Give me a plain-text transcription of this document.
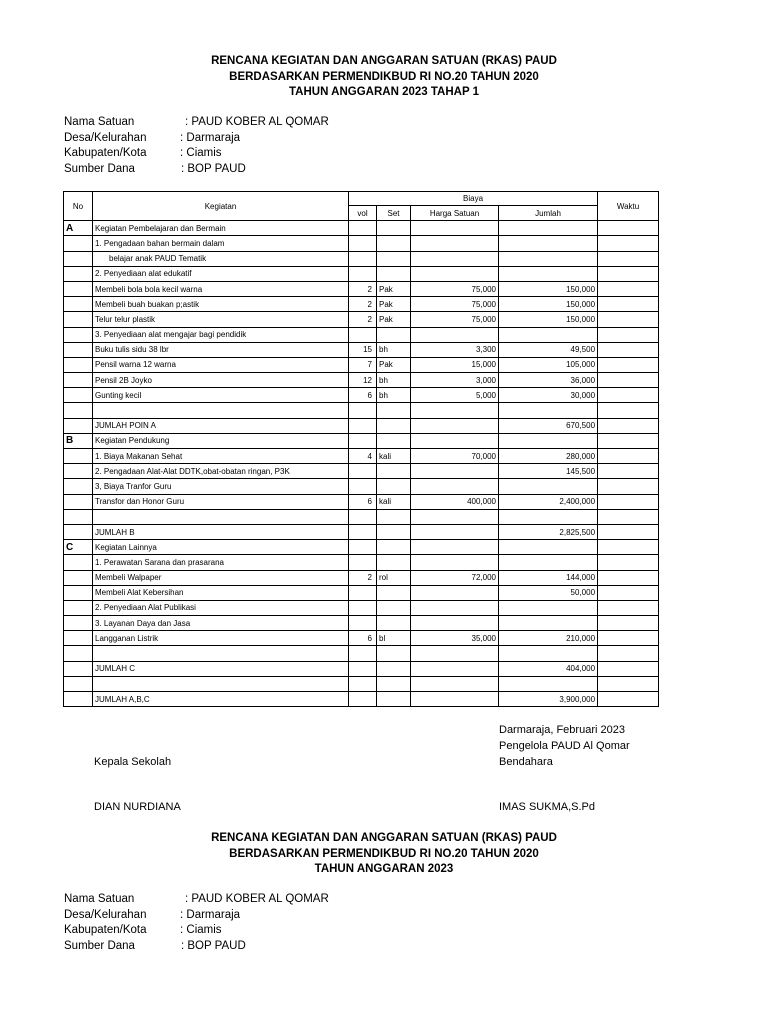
RENCANA KEGIATAN DAN ANGGARAN SATUAN (RKAS) PAUD
BERDASARKAN PERMENDIKBUD RI NO.20 TAHUN 2020
TAHUN ANGGARAN 2023 TAHAP 1
Nama Satuan	: PAUD KOBER AL QOMAR
Desa/Kelurahan	: Darmaraja
Kabupaten/Kota	: Ciamis
Sumber Dana	: BOP PAUD
No	Kegiatan	Biaya				Waktu
		vol	Set	Harga Satuan	Jumlah	
A	Kegiatan Pembelajaran dan Bermain					
	1. Pengadaan bahan bermain dalam					
	belajar anak PAUD Tematik					
	2. Penyediaan alat edukatif					
	Membeli bola bola kecil warna	2	Pak	75,000	150,000	
	Membeli buah buakan p;astik	2	Pak	75,000	150,000	
	Telur telur plastik	2	Pak	75,000	150,000	
	3. Penyediaan alat mengajar bagi pendidik					
	Buku tulis sidu 38 lbr	15	bh	3,300	49,500	
	Pensil warna 12 warna	7	Pak	15,000	105,000	
	Pensil 2B Joyko	12	bh	3,000	36,000	
	Gunting kecil	6	bh	5,000	30,000	

	JUMLAH POIN A				670,500	
B	Kegiatan Pendukung					
	1. Biaya Makanan Sehat	4	kali	70,000	280,000	
	2. Pengadaan Alat-Alat DDTK,obat-obatan ringan, P3K				145,500	
	3, Biaya Tranfor Guru					
	Transfor dan Honor Guru	6	kali	400,000	2,400,000	

	JUMLAH B				2,825,500	
C	Kegiatan Lainnya					
	1. Perawatan Sarana dan prasarana					
	Membeli Walpaper	2	rol	72,000	144,000	
	Membeli Alat Kebersihan				50,000	
	2. Penyediaan Alat Publikasi					
	3. Layanan Daya dan Jasa					
	Langganan Listrik	6	bl	35,000	210,000	

	JUMLAH C				404,000	

	JUMLAH A,B,C				3,900,000	
Darmaraja, Februari 2023
Pengelola PAUD Al Qomar
Bendahara
Kepala Sekolah
DIAN NURDIANA	IMAS SUKMA,S.Pd
RENCANA KEGIATAN DAN ANGGARAN SATUAN (RKAS) PAUD
BERDASARKAN PERMENDIKBUD RI NO.20 TAHUN 2020
TAHUN ANGGARAN 2023
Nama Satuan	: PAUD KOBER AL QOMAR
Desa/Kelurahan	: Darmaraja
Kabupaten/Kota	: Ciamis
Sumber Dana	: BOP PAUD
